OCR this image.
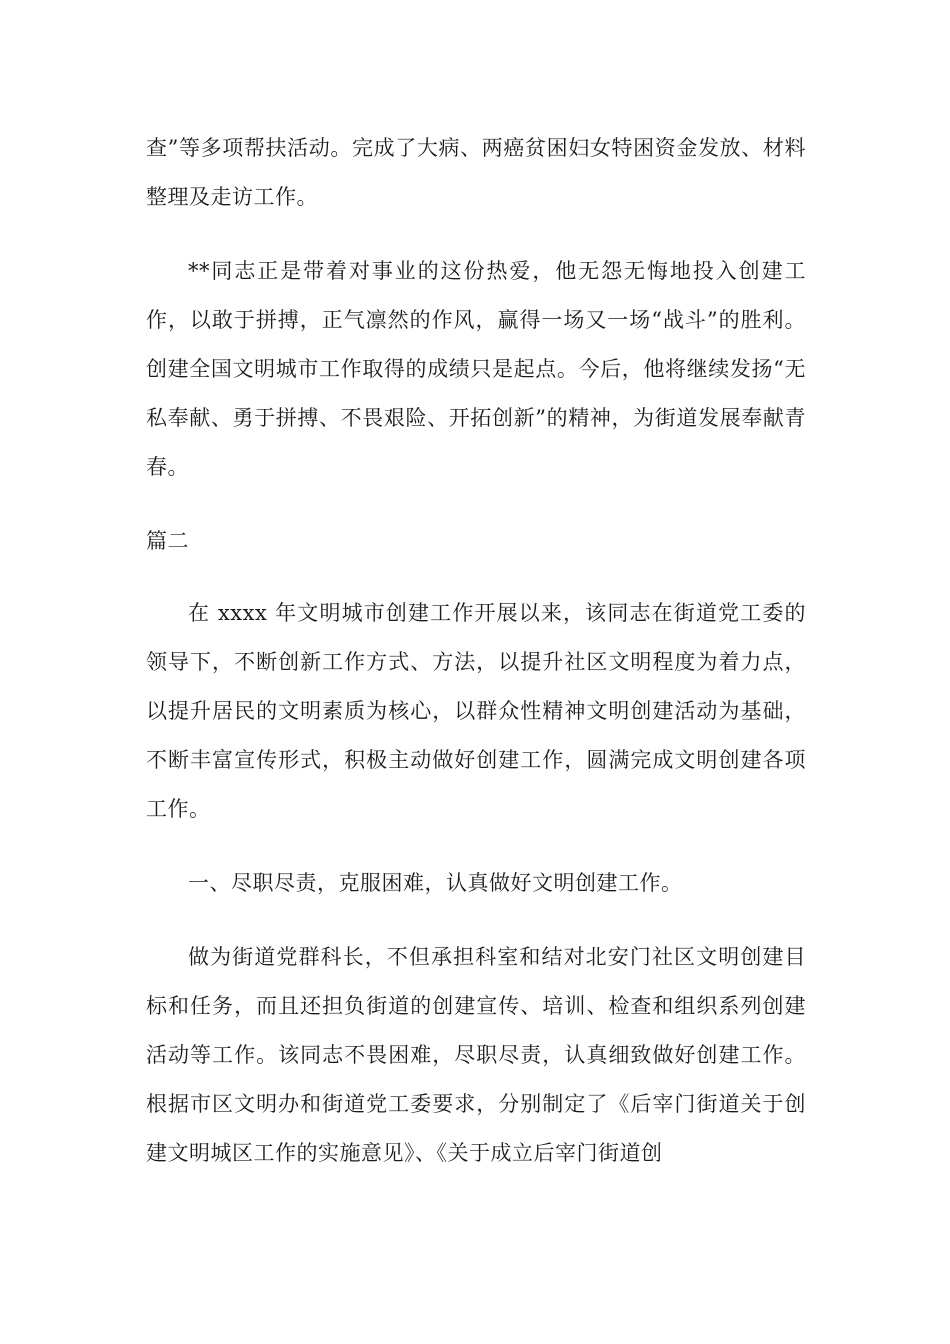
查”等多项帮扶活动。完成了大病、两癌贫困妇女特困资金发放、材料整理及走访工作。

**同志正是带着对事业的这份热爱，他无怨无悔地投入创建工作，以敢于拼搏，正气凛然的作风，赢得一场又一场“战斗”的胜利。创建全国文明城市工作取得的成绩只是起点。今后，他将继续发扬“无私奉献、勇于拼搏、不畏艰险、开拓创新”的精神，为街道发展奉献青春。

篇二

在 xxxx 年文明城市创建工作开展以来，该同志在街道党工委的领导下，不断创新工作方式、方法，以提升社区文明程度为着力点，以提升居民的文明素质为核心，以群众性精神文明创建活动为基础，不断丰富宣传形式，积极主动做好创建工作，圆满完成文明创建各项工作。

一、尽职尽责，克服困难，认真做好文明创建工作。

做为街道党群科长，不但承担科室和结对北安门社区文明创建目标和任务，而且还担负街道的创建宣传、培训、检查和组织系列创建活动等工作。该同志不畏困难，尽职尽责，认真细致做好创建工作。根据市区文明办和街道党工委要求，分别制定了《后宰门街道关于创建文明城区工作的实施意见》、《关于成立后宰门街道创
